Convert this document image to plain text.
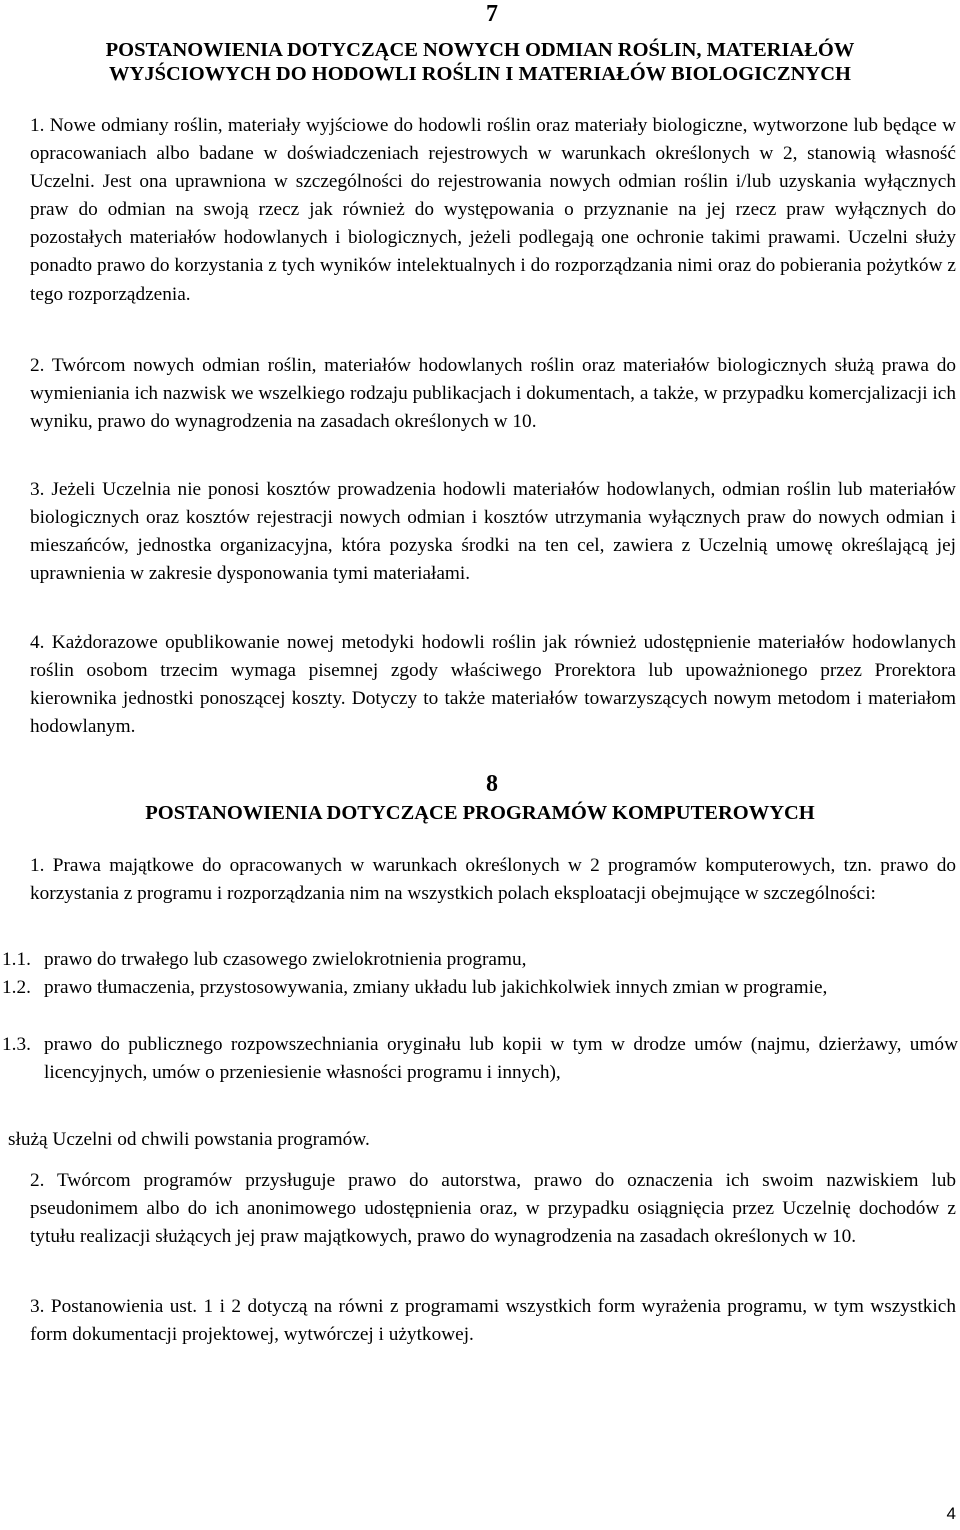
7
POSTANOWIENIA DOTYCZĄCE NOWYCH ODMIAN ROŚLIN, MATERIAŁÓW
WYJŚCIOWYCH DO HODOWLI ROŚLIN I MATERIAŁÓW BIOLOGICZNYCH

1. Nowe odmiany roślin, materiały wyjściowe do hodowli roślin oraz materiały biologiczne, wytworzone lub będące w opracowaniach albo badane w doświadczeniach rejestrowych w warunkach określonych w 2, stanowią własność Uczelni. Jest ona uprawniona w szczególności do rejestrowania nowych odmian roślin i/lub uzyskania wyłącznych praw do odmian na swoją rzecz jak również do występowania o przyznanie na jej rzecz praw wyłącznych do pozostałych materiałów hodowlanych i biologicznych, jeżeli podlegają one ochronie takimi prawami. Uczelni służy ponadto prawo do korzystania z tych wyników intelektualnych i do rozporządzania nimi oraz do pobierania pożytków z tego rozporządzenia.

2. Twórcom nowych odmian roślin, materiałów hodowlanych roślin oraz materiałów biologicznych służą prawa do wymieniania ich nazwisk we wszelkiego rodzaju publikacjach i dokumentach, a także, w przypadku komercjalizacji ich wyniku, prawo do wynagrodzenia na zasadach określonych w 10.

3. Jeżeli Uczelnia nie ponosi kosztów prowadzenia hodowli materiałów hodowlanych, odmian roślin lub materiałów biologicznych oraz kosztów rejestracji nowych odmian i kosztów utrzymania wyłącznych praw do nowych odmian i mieszańców, jednostka organizacyjna, która pozyska środki na ten cel, zawiera z Uczelnią umowę określającą jej uprawnienia w zakresie dysponowania tymi materiałami.

4. Każdorazowe opublikowanie nowej metodyki hodowli roślin jak również udostępnienie materiałów hodowlanych roślin osobom trzecim wymaga pisemnej zgody właściwego Prorektora lub upoważnionego przez Prorektora kierownika jednostki ponoszącej koszty. Dotyczy to także materiałów towarzyszących nowym metodom i materiałom hodowlanym.

8
POSTANOWIENIA DOTYCZĄCE PROGRAMÓW KOMPUTEROWYCH

1. Prawa majątkowe do opracowanych w warunkach określonych w 2 programów komputerowych, tzn. prawo do korzystania z programu i rozporządzania nim na wszystkich polach eksploatacji obejmujące w szczególności:

1.1. prawo do trwałego lub czasowego zwielokrotnienia programu,
1.2. prawo tłumaczenia, przystosowywania, zmiany układu lub jakichkolwiek innych zmian w programie,
1.3. prawo do publicznego rozpowszechniania oryginału lub kopii w tym w drodze umów (najmu, dzierżawy, umów licencyjnych, umów o przeniesienie własności programu i innych),
służą Uczelni od chwili powstania programów.

2. Twórcom programów przysługuje prawo do autorstwa, prawo do oznaczenia ich swoim nazwiskiem lub pseudonimem albo do ich anonimowego udostępnienia oraz, w przypadku osiągnięcia przez Uczelnię dochodów z tytułu realizacji służących jej praw majątkowych, prawo do wynagrodzenia na zasadach określonych w 10.

3. Postanowienia ust. 1 i 2 dotyczą na równi z programami wszystkich form wyrażenia programu, w tym wszystkich form dokumentacji projektowej, wytwórczej i użytkowej.

4
